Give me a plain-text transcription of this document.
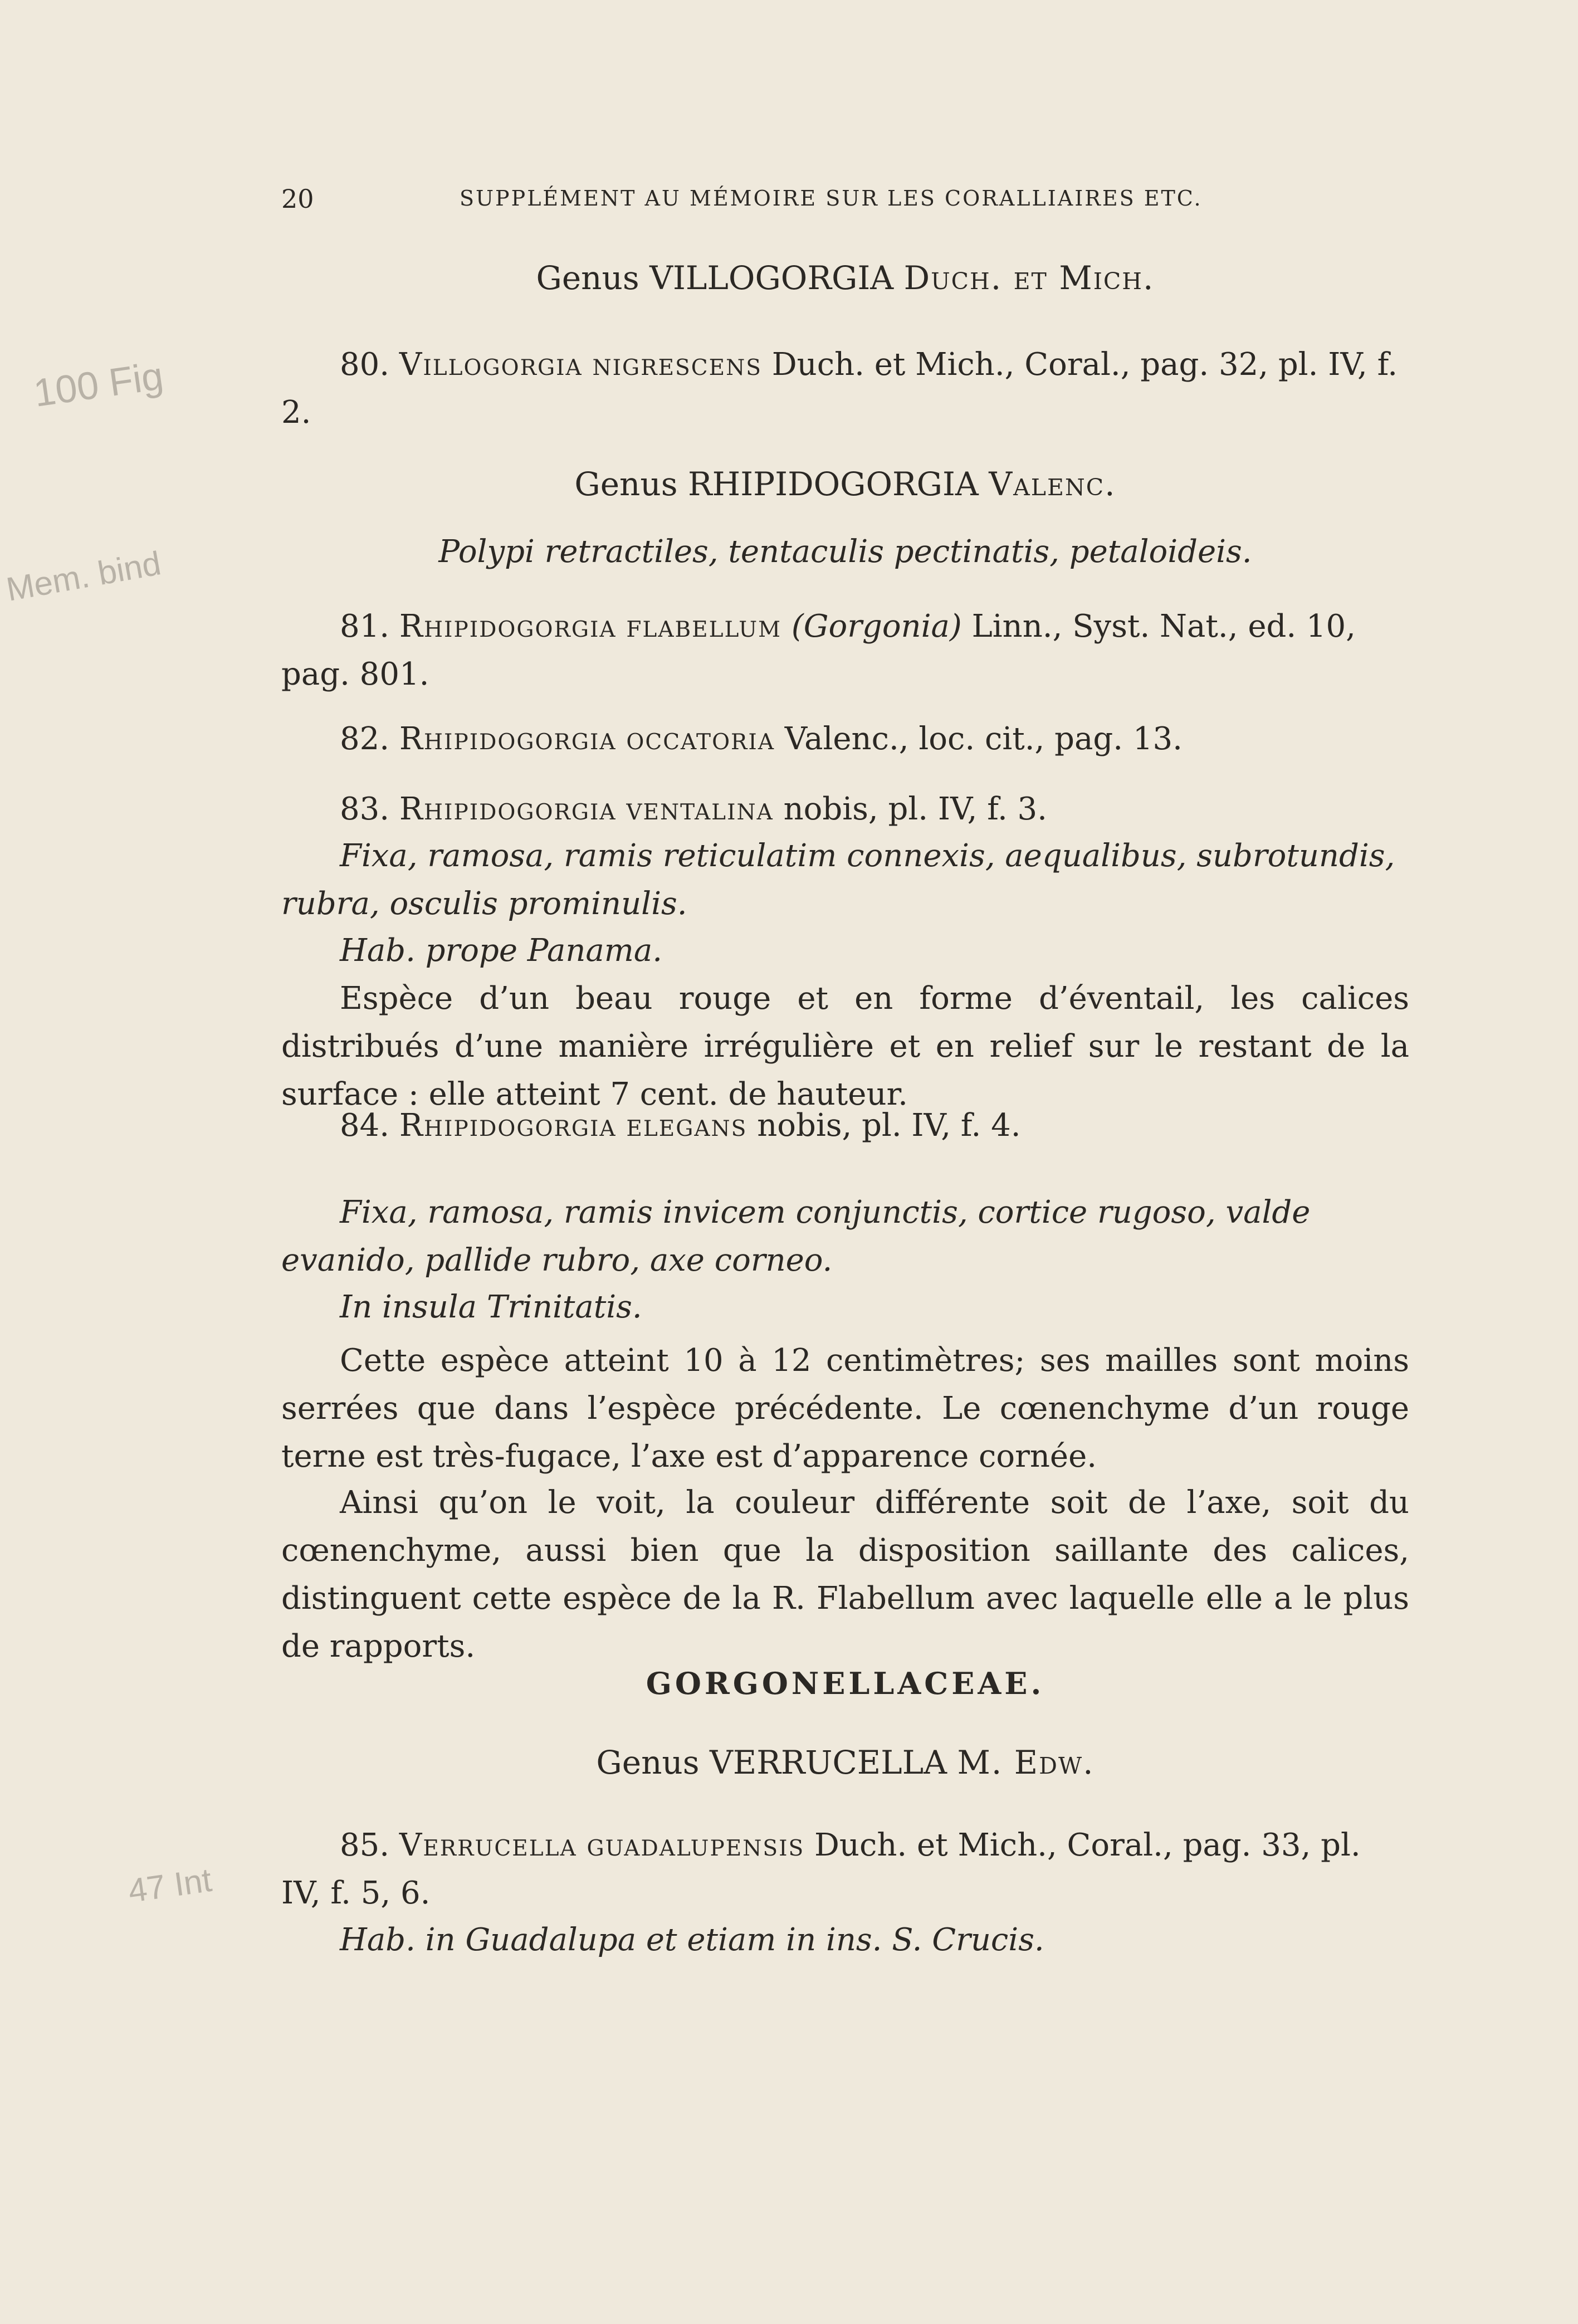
100 Fig
Mem. bind
47 Int
20	SUPPLÉMENT AU MÉMOIRE SUR LES CORALLIAIRES ETC.
Genus VILLOGORGIA Duch. et Mich.
80. Villogorgia nigrescens Duch. et Mich., Coral., pag. 32, pl. IV, f. 2.
Genus RHIPIDOGORGIA Valenc.
Polypi retractiles, tentaculis pectinatis, petaloideis.
81. Rhipidogorgia flabellum (Gorgonia) Linn., Syst. Nat., ed. 10, pag. 801.
82. Rhipidogorgia occatoria Valenc., loc. cit., pag. 13.
83. Rhipidogorgia ventalina nobis, pl. IV, f. 3.
Fixa, ramosa, ramis reticulatim connexis, aequalibus, subrotundis, rubra, osculis prominulis.
Hab. prope Panama.
Espèce d’un beau rouge et en forme d’éventail, les calices distribués d’une manière irrégulière et en relief sur le restant de la surface : elle atteint 7 cent. de hauteur.
84. Rhipidogorgia elegans nobis, pl. IV, f. 4.
Fixa, ramosa, ramis invicem conjunctis, cortice rugoso, valde evanido, pallide rubro, axe corneo.
In insula Trinitatis.
Cette espèce atteint 10 à 12 centimètres; ses mailles sont moins serrées que dans l’espèce précédente. Le cœnenchyme d’un rouge terne est très-fugace, l’axe est d’apparence cornée.
Ainsi qu’on le voit, la couleur différente soit de l’axe, soit du cœnenchyme, aussi bien que la disposition saillante des calices, distinguent cette espèce de la R. Flabellum avec laquelle elle a le plus de rapports.
GORGONELLACEAE.
Genus VERRUCELLA M. Edw.
85. Verrucella guadalupensis Duch. et Mich., Coral., pag. 33, pl. IV, f. 5, 6.
Hab. in Guadalupa et etiam in ins. S. Crucis.
